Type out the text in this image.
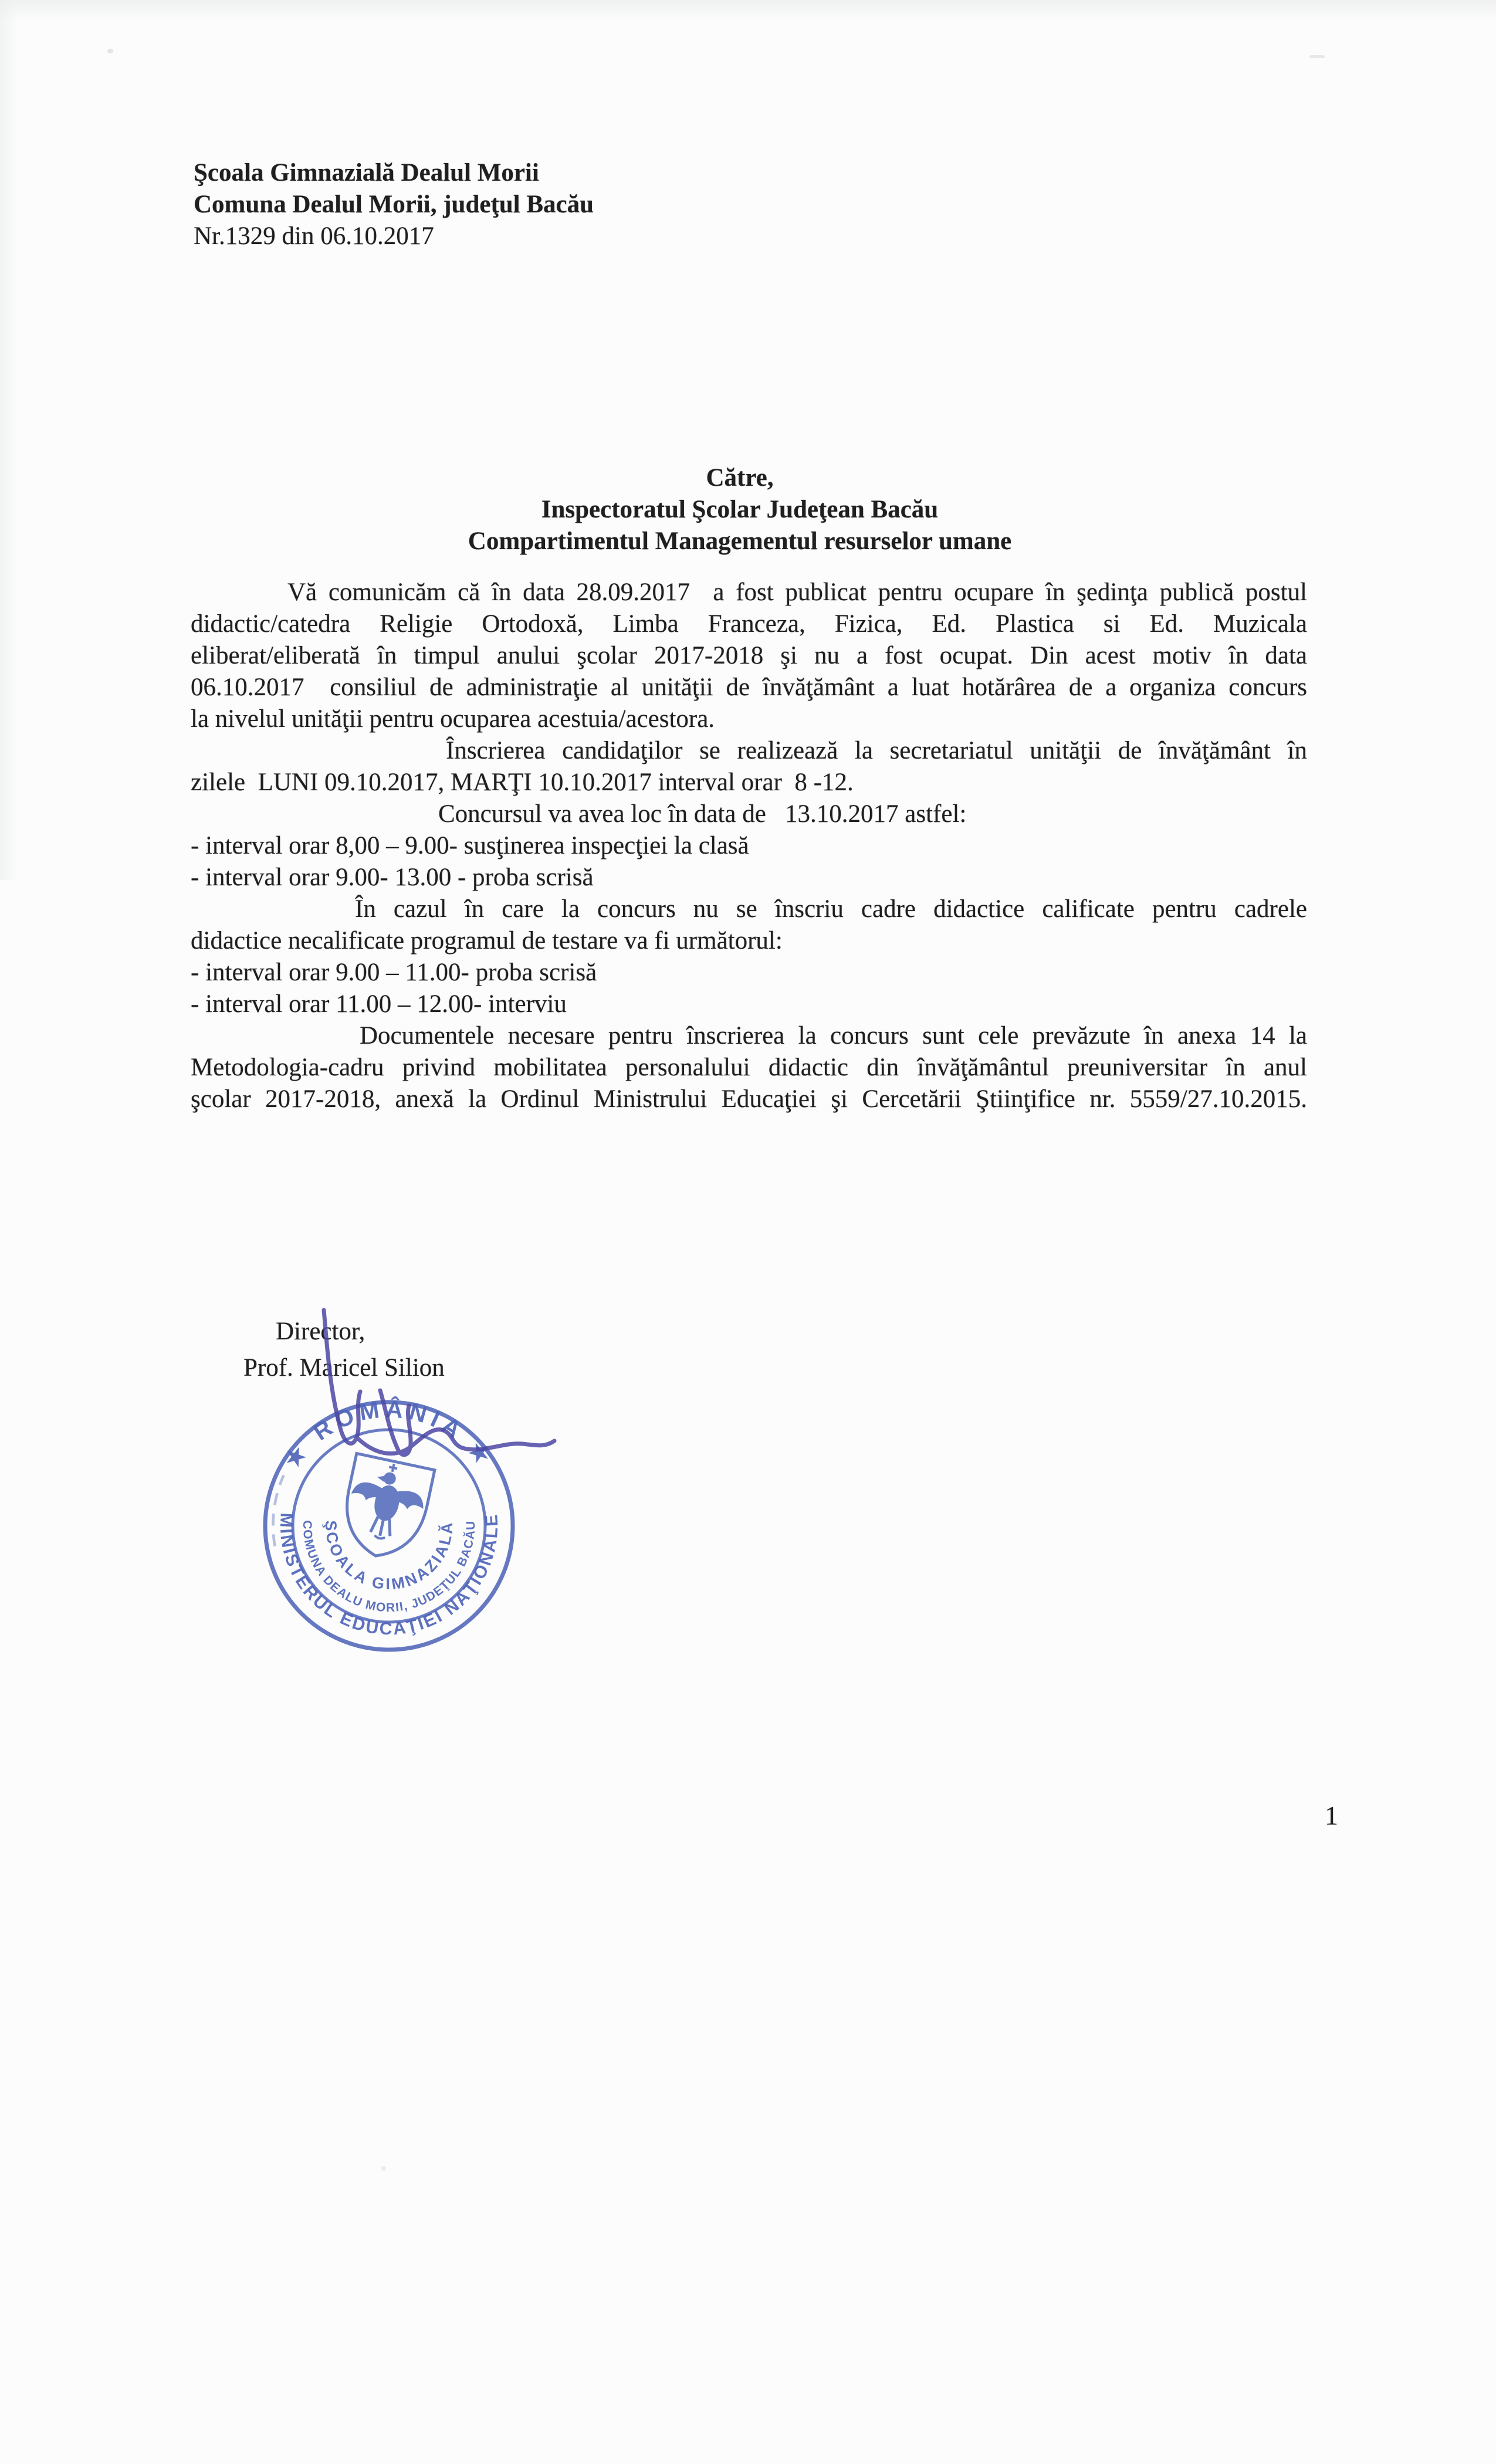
Şcoala Gimnazială Dealul Morii
Comuna Dealul Morii, judeţul Bacău
Nr.1329 din 06.10.2017
Către,
Inspectoratul Şcolar Judeţean Bacău
Compartimentul Managementul resurselor umane
Vă comunicăm că în data 28.09.2017  a fost publicat pentru ocupare în şedinţa publică postul
didactic/catedra Religie Ortodoxă, Limba Franceza, Fizica, Ed. Plastica si Ed. Muzicala
eliberat/eliberată în timpul anului şcolar 2017-2018 şi nu a fost ocupat. Din acest motiv în data
06.10.2017  consiliul de administraţie al unităţii de învăţământ a luat hotărârea de a organiza concurs
la nivelul unităţii pentru ocuparea acestuia/acestora.
Înscrierea candidaţilor se realizează la secretariatul unităţii de învăţământ în
zilele  LUNI 09.10.2017, MARŢI 10.10.2017 interval orar  8 -12.
Concursul va avea loc în data de   13.10.2017 astfel:
- interval orar 8,00 – 9.00- susţinerea inspecţiei la clasă
- interval orar 9.00- 13.00 - proba scrisă
În cazul în care la concurs nu se înscriu cadre didactice calificate pentru cadrele
didactice necalificate programul de testare va fi următorul:
- interval orar 9.00 – 11.00- proba scrisă
- interval orar 11.00 – 12.00- interviu
Documentele necesare pentru înscrierea la concurs sunt cele prevăzute în anexa 14 la
Metodologia-cadru privind mobilitatea personalului didactic din învăţământul preuniversitar în anul
şcolar 2017-2018, anexă la Ordinul Ministrului Educaţiei şi Cercetării Ştiinţifice nr. 5559/27.10.2015.
Director,
Prof. Maricel Silion
★ ROMÂNIA ★
MINISTERUL EDUCAŢIEI NAŢIONALE
COMUNA DEALU MORII, JUDEŢUL BACĂU
ŞCOALA GIMNAZIALĂ
1
